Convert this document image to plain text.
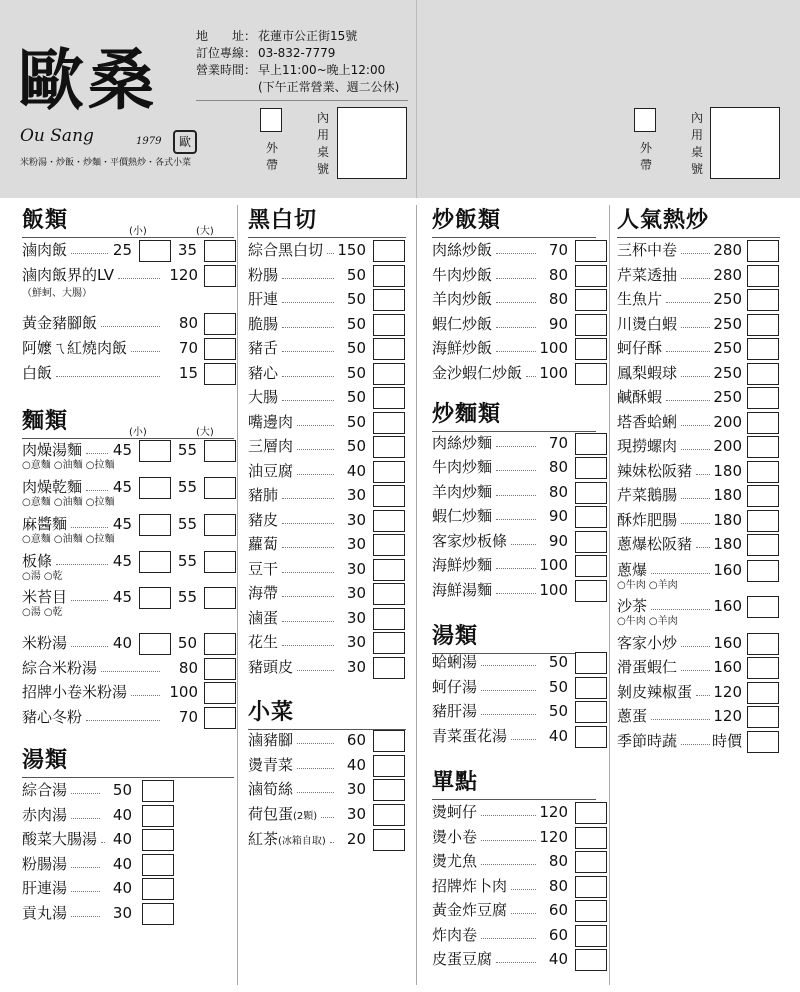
歐桑
Ou Sang	1979	歐
米粉湯・炒飯・炒麵・平價熱炒・各式小菜
地　　址： 花蓮市公正街15號
訂位專線： 03-832-7779
營業時間： 早上11:00~晚上12:00
(下午正常營業、週二公休)
外帶
內用桌號
外帶
內用桌號
飯類	(小)	(大)
滷肉飯	25	35
滷肉飯界的LV	120
（鮮蚵、大腸）
黃金豬腳飯	80
阿嬤ㄟ紅燒肉飯	70
白飯	15
麵類	(小)	(大)
肉燥湯麵	45	55
○意麵 ○油麵 ○拉麵
肉燥乾麵	45	55
○意麵 ○油麵 ○拉麵
麻醬麵	45	55
○意麵 ○油麵 ○拉麵
板條	45	55
○湯 ○乾
米苔目	45	55
○湯 ○乾
米粉湯	40	50
綜合米粉湯	80
招牌小卷米粉湯	100
豬心冬粉	70
湯類
綜合湯	50
赤肉湯	40
酸菜大腸湯	40
粉腸湯	40
肝連湯	40
貢丸湯	30
黑白切
綜合黑白切 150
粉腸	50
肝連	50
脆腸	50
豬舌	50
豬心	50
大腸	50
嘴邊肉	50
三層肉	50
油豆腐	40
豬肺	30
豬皮	30
蘿蔔	30
豆干	30
海帶	30
滷蛋	30
花生	30
豬頭皮	30
小菜
滷豬腳	60
燙青菜	40
滷筍絲	30
荷包蛋(2顆)	30
紅茶(冰箱自取)	20
炒飯類
肉絲炒飯	70
牛肉炒飯	80
羊肉炒飯	80
蝦仁炒飯	90
海鮮炒飯	100
金沙蝦仁炒飯	100
炒麵類
肉絲炒麵	70
牛肉炒麵	80
羊肉炒麵	80
蝦仁炒麵	90
客家炒板條	90
海鮮炒麵	100
海鮮湯麵	100
湯類
蛤蜊湯	50
蚵仔湯	50
豬肝湯	50
青菜蛋花湯	40
單點
燙蚵仔	120
燙小卷	120
燙尤魚	80
招牌炸卜肉	80
黃金炸豆腐	60
炸肉卷	60
皮蛋豆腐	40
人氣熱炒
三杯中卷	280
芹菜透抽	280
生魚片	250
川燙白蝦	250
蚵仔酥	250
鳳梨蝦球	250
鹹酥蝦	250
塔香蛤蜊	200
現撈螺肉	200
辣妹松阪豬	180
芹菜鵝腸	180
酥炸肥腸	180
蔥爆松阪豬	180
蔥爆	160
○牛肉 ○羊肉
沙茶	160
○牛肉 ○羊肉
客家小炒	160
滑蛋蝦仁	160
剝皮辣椒蛋	120
蔥蛋	120
季節時蔬	時價
